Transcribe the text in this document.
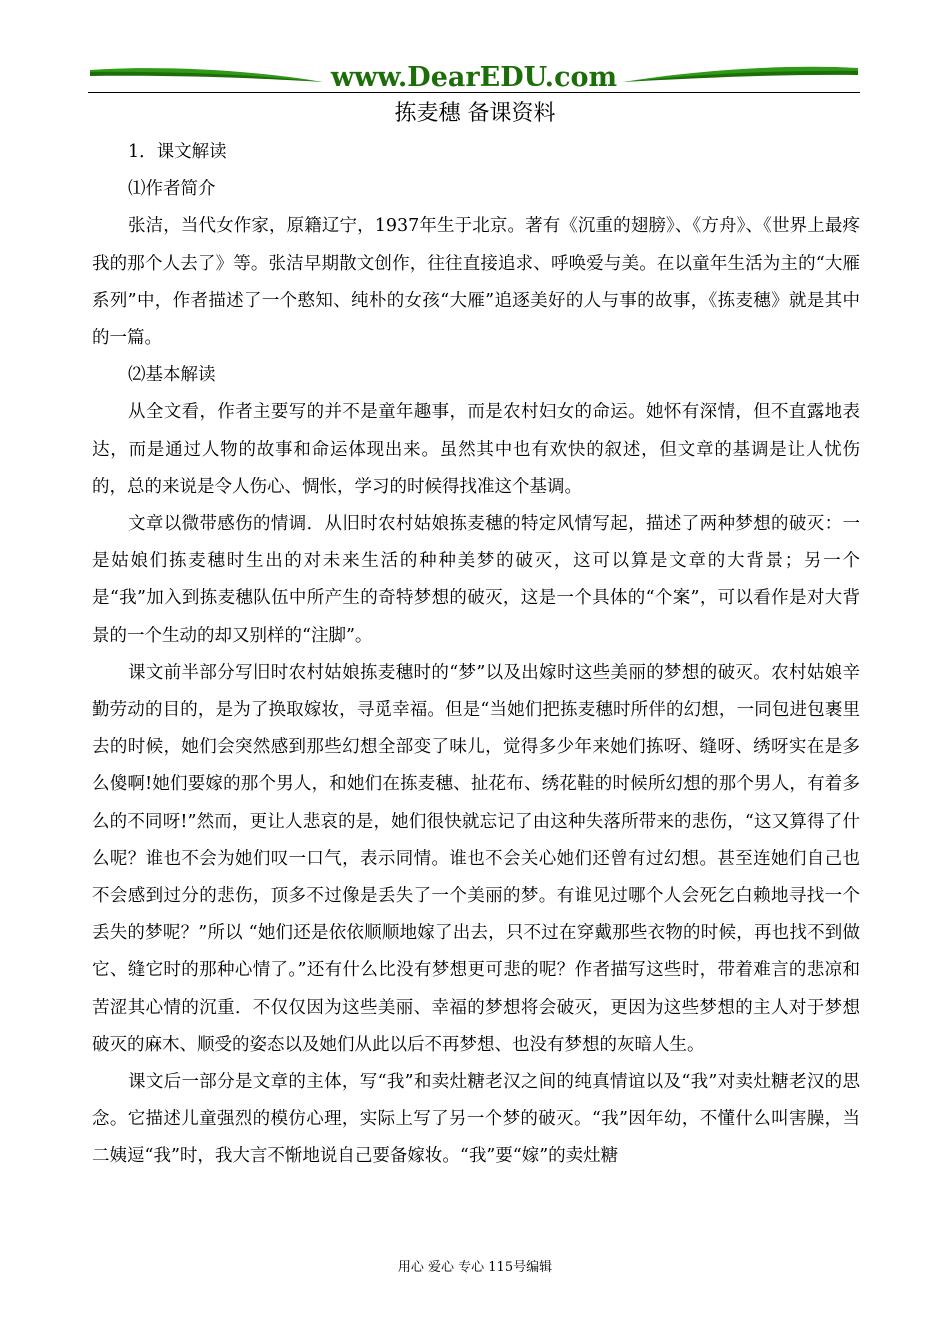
www.DearEDU.com
拣麦穗 备课资料

1．课文解读

⑴作者简介

张洁，当代女作家，原籍辽宁，1937年生于北京。著有《沉重的翅膀》、《方舟》、《世界上最疼我的那个人去了》等。张洁早期散文创作，往往直接追求、呼唤爱与美。在以童年生活为主的“大雁系列”中，作者描述了一个憨知、纯朴的女孩“大雁”追逐美好的人与事的故事，《拣麦穗》就是其中的一篇。

⑵基本解读

从全文看，作者主要写的并不是童年趣事，而是农村妇女的命运。她怀有深情，但不直露地表达，而是通过人物的故事和命运体现出来。虽然其中也有欢快的叙述，但文章的基调是让人忧伤的，总的来说是令人伤心、惆怅，学习的时候得找准这个基调。

文章以微带感伤的情调．从旧时农村姑娘拣麦穗的特定风情写起，描述了两种梦想的破灭：一是姑娘们拣麦穗时生出的对未来生活的种种美梦的破灭，这可以算是文章的大背景；另一个是“我”加入到拣麦穗队伍中所产生的奇特梦想的破灭，这是一个具体的“个案”，可以看作是对大背景的一个生动的却又别样的“注脚”。

课文前半部分写旧时农村姑娘拣麦穗时的“梦”以及出嫁时这些美丽的梦想的破灭。农村姑娘辛勤劳动的目的，是为了换取嫁妆，寻觅幸福。但是“当她们把拣麦穗时所伴的幻想，一同包进包裹里去的时候，她们会突然感到那些幻想全部变了味儿，觉得多少年来她们拣呀、缝呀、绣呀实在是多么傻啊!她们要嫁的那个男人，和她们在拣麦穗、扯花布、绣花鞋的时候所幻想的那个男人，有着多么的不同呀!”然而，更让人悲哀的是，她们很快就忘记了由这种失落所带来的悲伤，“这又算得了什么呢？谁也不会为她们叹一口气，表示同情。谁也不会关心她们还曾有过幻想。甚至连她们自己也不会感到过分的悲伤，顶多不过像是丢失了一个美丽的梦。有谁见过哪个人会死乞白赖地寻找一个丢失的梦呢？”所以 “她们还是依依顺顺地嫁了出去，只不过在穿戴那些衣物的时候，再也找不到做它、缝它时的那种心情了。”还有什么比没有梦想更可悲的呢？作者描写这些时，带着难言的悲凉和苦涩其心情的沉重．不仅仅因为这些美丽、幸福的梦想将会破灭，更因为这些梦想的主人对于梦想破灭的麻木、顺受的姿态以及她们从此以后不再梦想、也没有梦想的灰暗人生。

课文后一部分是文章的主体，写“我”和卖灶糖老汉之间的纯真情谊以及“我”对卖灶糖老汉的思念。它描述儿童强烈的模仿心理，实际上写了另一个梦的破灭。“我”因年幼，不懂什么叫害臊，当二姨逗“我”时，我大言不惭地说自己要备嫁妆。“我”要“嫁”的卖灶糖

用心 爱心 专心 115号编辑
